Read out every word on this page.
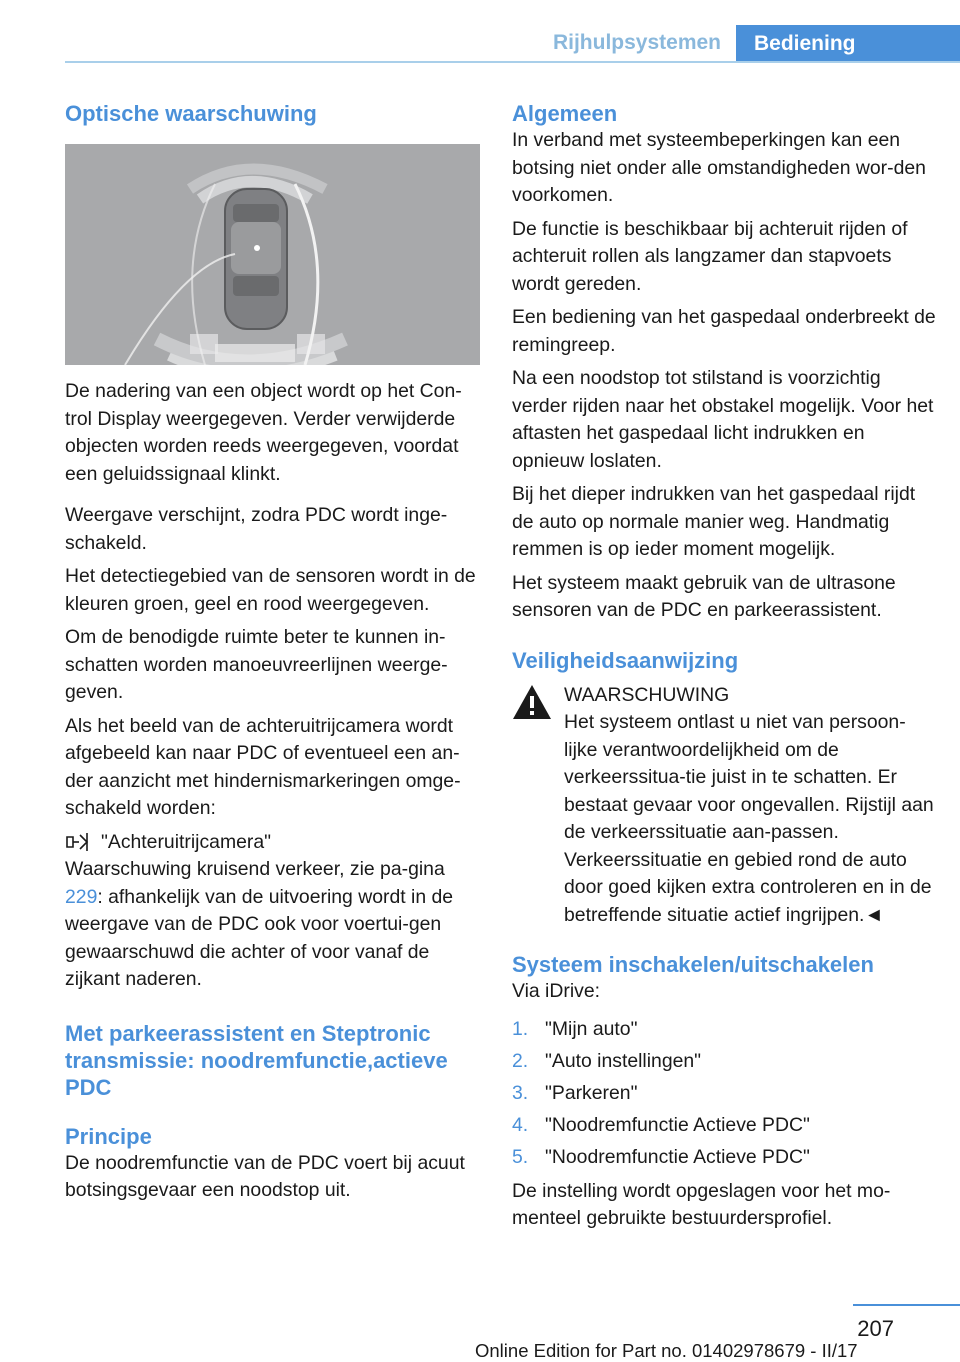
Rijhulpsystemen	Bediening
Optische waarschuwing

De nadering van een object wordt op het Con-trol Display weergegeven. Verder verwijderde objecten worden reeds weergegeven, voordat een geluidssignaal klinkt.

Weergave verschijnt, zodra PDC wordt inge-schakeld.

Het detectiegebied van de sensoren wordt in de kleuren groen, geel en rood weergegeven.

Om de benodigde ruimte beter te kunnen in-schatten worden manoeuvreerlijnen weerge-geven.

Als het beeld van de achteruitrijcamera wordt afgebeeld kan naar PDC of eventueel een an-der aanzicht met hindernismarkeringen omge-schakeld worden:

"Achteruitrijcamera"

Waarschuwing kruisend verkeer, zie pa-gina 229: afhankelijk van de uitvoering wordt in de weergave van de PDC ook voor voertui-gen gewaarschuwd die achter of voor vanaf de zijkant naderen.

Met parkeerassistent en Steptronic transmissie: noodremfunctie,actieve PDC
Principe

De noodremfunctie van de PDC voert bij acuut botsingsgevaar een noodstop uit.

Algemeen

In verband met systeembeperkingen kan een botsing niet onder alle omstandigheden wor-den voorkomen.

De functie is beschikbaar bij achteruit rijden of achteruit rollen als langzamer dan stapvoets wordt gereden.

Een bediening van het gaspedaal onderbreekt de remingreep.

Na een noodstop tot stilstand is voorzichtig verder rijden naar het obstakel mogelijk. Voor het aftasten het gaspedaal licht indrukken en opnieuw loslaten.

Bij het dieper indrukken van het gaspedaal rijdt de auto op normale manier weg. Handmatig remmen is op ieder moment mogelijk.

Het systeem maakt gebruik van de ultrasone sensoren van de PDC en parkeerassistent.

Veiligheidsaanwijzing
WAARSCHUWING
Het systeem ontlast u niet van persoon-lijke verantwoordelijkheid om de verkeerssitua-tie juist in te schatten. Er bestaat gevaar voor ongevallen. Rijstijl aan de verkeerssituatie aan-passen. Verkeerssituatie en gebied rond de auto door goed kijken extra controleren en in de betreffende situatie actief ingrijpen.◄
Systeem inschakelen/uitschakelen

Via iDrive:

1. "Mijn auto"
2. "Auto instellingen"
3. "Parkeren"
4. "Noodremfunctie Actieve PDC"
5. "Noodremfunctie Actieve PDC"

De instelling wordt opgeslagen voor het mo-menteel gebruikte bestuurdersprofiel.

207
Online Edition for Part no. 01402978679 - II/17
